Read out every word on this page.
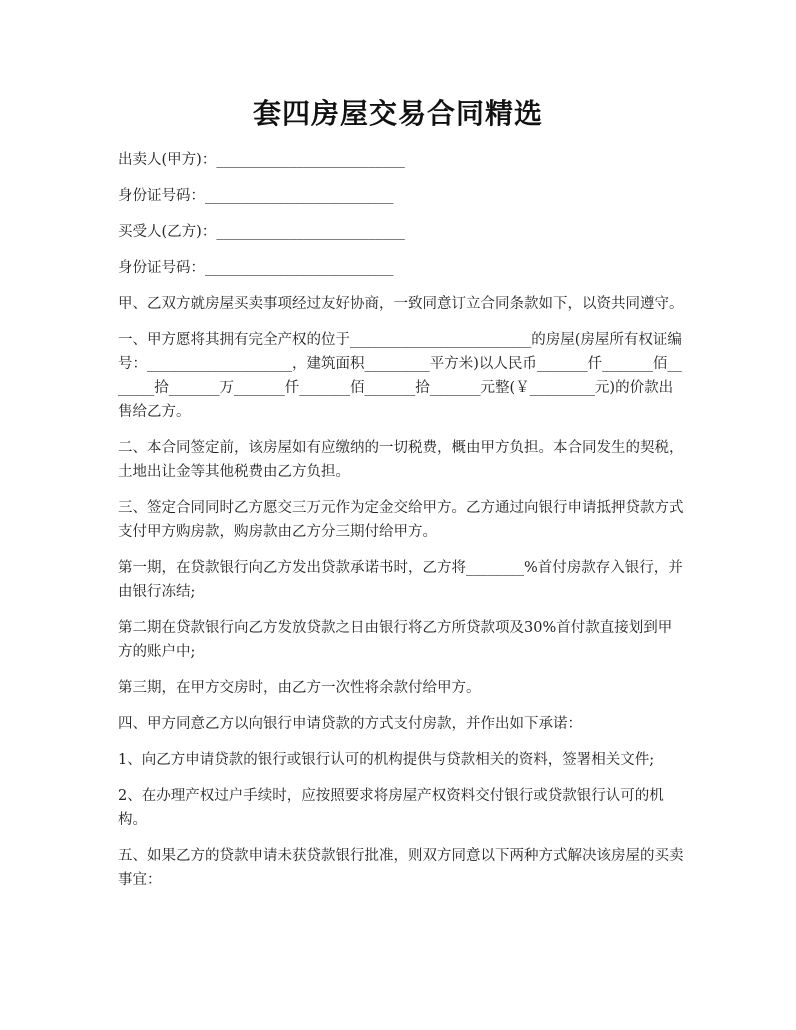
套四房屋交易合同精选

出卖人(甲方)：__________________________

身份证号码：__________________________

买受人(乙方)：__________________________

身份证号码：__________________________

甲、乙双方就房屋买卖事项经过友好协商，一致同意订立合同条款如下，以资共同遵守。

一、甲方愿将其拥有完全产权的位于_________________________的房屋(房屋所有权证编号：____________________，建筑面积_________平方米)以人民币_______仟_______佰_______拾_______万_______仟_______佰_______拾_______元整(￥_________元)的价款出售给乙方。

二、本合同签定前，该房屋如有应缴纳的一切税费，概由甲方负担。本合同发生的契税，土地出让金等其他税费由乙方负担。

三、签定合同同时乙方愿交三万元作为定金交给甲方。乙方通过向银行申请抵押贷款方式支付甲方购房款，购房款由乙方分三期付给甲方。

第一期，在贷款银行向乙方发出贷款承诺书时，乙方将________%首付房款存入银行，并由银行冻结;

第二期在贷款银行向乙方发放贷款之日由银行将乙方所贷款项及30%首付款直接划到甲方的账户中;

第三期，在甲方交房时，由乙方一次性将余款付给甲方。

四、甲方同意乙方以向银行申请贷款的方式支付房款，并作出如下承诺：

1、向乙方申请贷款的银行或银行认可的机构提供与贷款相关的资料，签署相关文件;

2、在办理产权过户手续时，应按照要求将房屋产权资料交付银行或贷款银行认可的机构。

五、如果乙方的贷款申请未获贷款银行批准，则双方同意以下两种方式解决该房屋的买卖事宜：
